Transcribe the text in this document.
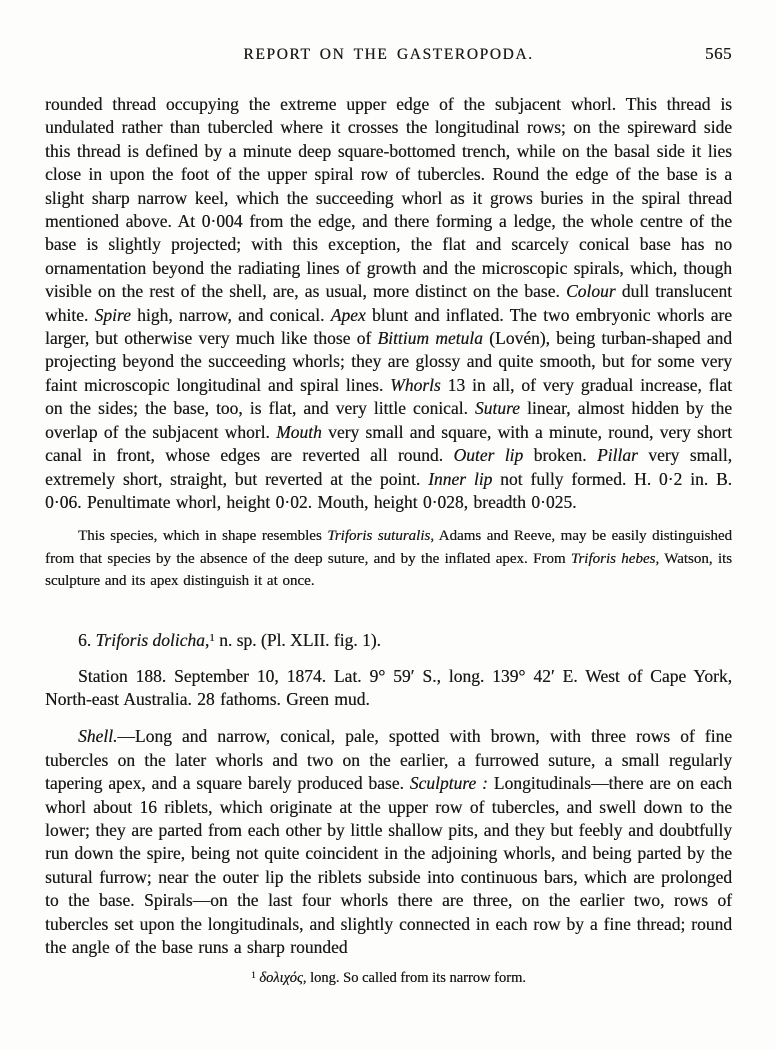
REPORT ON THE GASTEROPODA.	565

rounded thread occupying the extreme upper edge of the subjacent whorl. This thread is undulated rather than tubercled where it crosses the longitudinal rows; on the spireward side this thread is defined by a minute deep square-bottomed trench, while on the basal side it lies close in upon the foot of the upper spiral row of tubercles. Round the edge of the base is a slight sharp narrow keel, which the succeeding whorl as it grows buries in the spiral thread mentioned above. At 0·004 from the edge, and there forming a ledge, the whole centre of the base is slightly projected; with this exception, the flat and scarcely conical base has no ornamentation beyond the radiating lines of growth and the microscopic spirals, which, though visible on the rest of the shell, are, as usual, more distinct on the base. Colour dull translucent white. Spire high, narrow, and conical. Apex blunt and inflated. The two embryonic whorls are larger, but otherwise very much like those of Bittium metula (Lovén), being turban-shaped and projecting beyond the succeeding whorls; they are glossy and quite smooth, but for some very faint microscopic longitudinal and spiral lines. Whorls 13 in all, of very gradual increase, flat on the sides; the base, too, is flat, and very little conical. Suture linear, almost hidden by the overlap of the subjacent whorl. Mouth very small and square, with a minute, round, very short canal in front, whose edges are reverted all round. Outer lip broken. Pillar very small, extremely short, straight, but reverted at the point. Inner lip not fully formed. H. 0·2 in. B. 0·06. Penultimate whorl, height 0·02. Mouth, height 0·028, breadth 0·025.

This species, which in shape resembles Triforis suturalis, Adams and Reeve, may be easily distinguished from that species by the absence of the deep suture, and by the inflated apex. From Triforis hebes, Watson, its sculpture and its apex distinguish it at once.

6. Triforis dolicha,$^1$ n. sp. (Pl. XLII. fig. 1).

Station 188. September 10, 1874. Lat. 9° 59′ S., long. 139° 42′ E. West of Cape York, North-east Australia. 28 fathoms. Green mud.

Shell.—Long and narrow, conical, pale, spotted with brown, with three rows of fine tubercles on the later whorls and two on the earlier, a furrowed suture, a small regularly tapering apex, and a square barely produced base. Sculpture : Longitudinals—there are on each whorl about 16 riblets, which originate at the upper row of tubercles, and swell down to the lower; they are parted from each other by little shallow pits, and they but feebly and doubtfully run down the spire, being not quite coincident in the adjoining whorls, and being parted by the sutural furrow; near the outer lip the riblets subside into continuous bars, which are prolonged to the base. Spirals—on the last four whorls there are three, on the earlier two, rows of tubercles set upon the longitudinals, and slightly connected in each row by a fine thread; round the angle of the base runs a sharp rounded

$^1$ δολιχός, long. So called from its narrow form.
